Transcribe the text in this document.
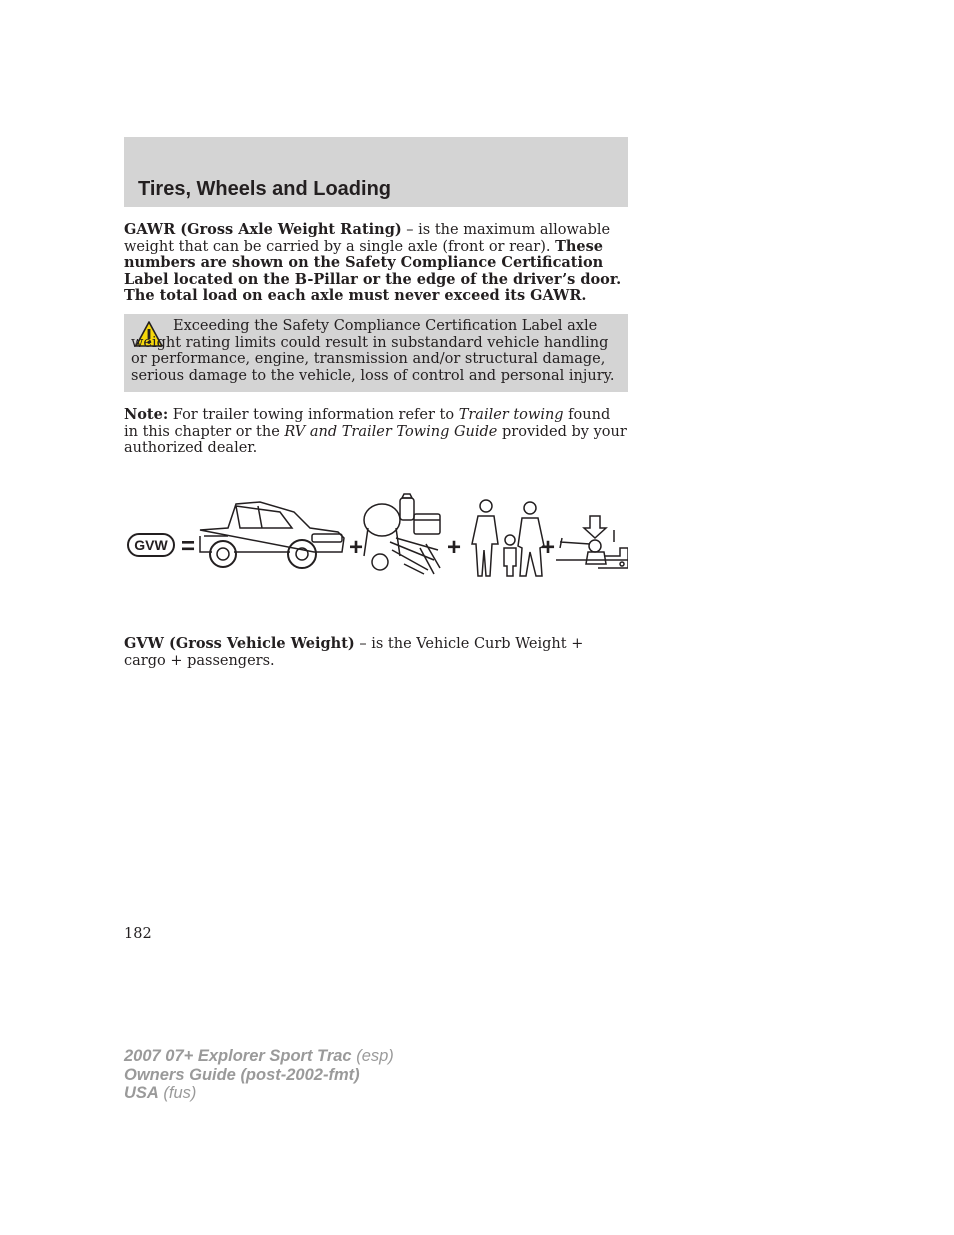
Tires, Wheels and Loading
GAWR (Gross Axle Weight Rating) – is the maximum allowable weight that can be carried by a single axle (front or rear). These numbers are shown on the Safety Compliance Certification Label located on the B-Pillar or the edge of the driver’s door. The total load on each axle must never exceed its GAWR.
Exceeding the Safety Compliance Certification Label axle weight rating limits could result in substandard vehicle handling or performance, engine, transmission and/or structural damage, serious damage to the vehicle, loss of control and personal injury.
Note: For trailer towing information refer to Trailer towing found in this chapter or the RV and Trailer Towing Guide provided by your authorized dealer.
GVW =	+	+	+
GVW (Gross Vehicle Weight) – is the Vehicle Curb Weight + cargo + passengers.
182
2007 07+ Explorer Sport Trac (esp)
Owners Guide (post-2002-fmt)
USA (fus)
